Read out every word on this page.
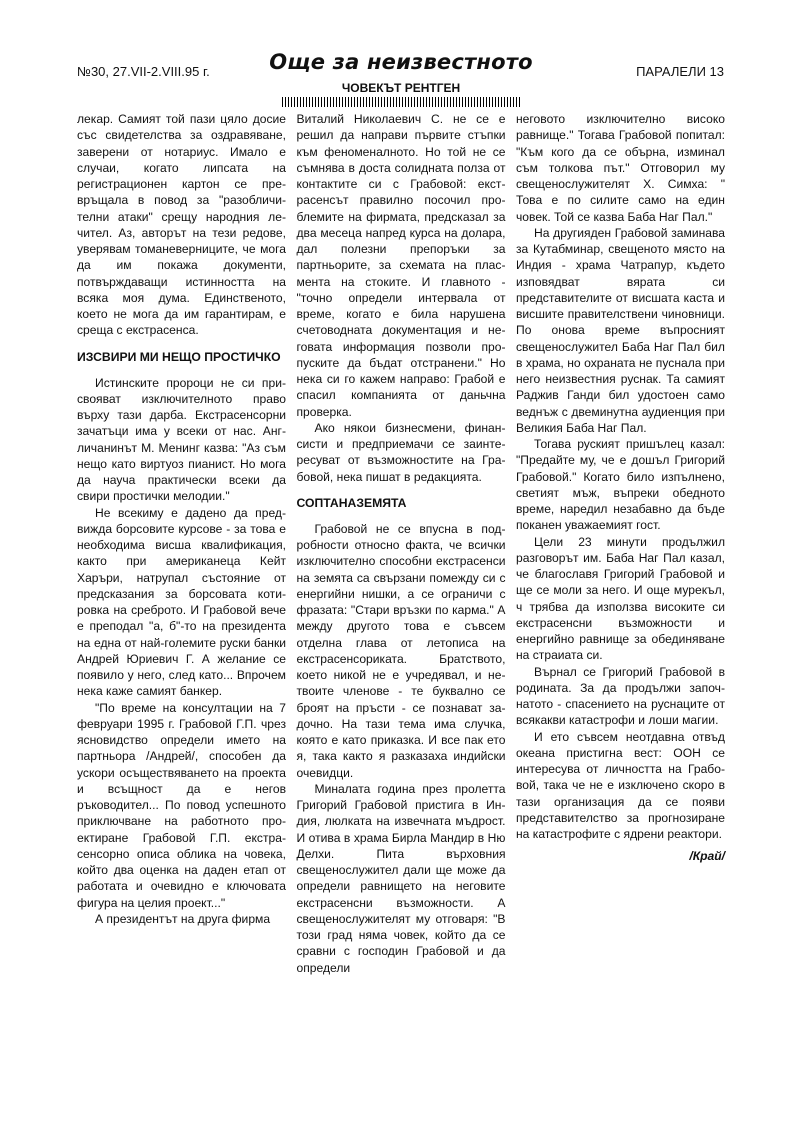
№30, 27.VII-2.VIII.95 г.	Още за неизвестното	ПАРАЛЕЛИ 13
ЧОВЕКЪТ РЕНТГЕН

лекар. Самият той пази цяло досие със свидетелства за оздравяване, заверени от нотариус. Имало е случаи, когато липсата на регистрационен картон се превръщала в повод за "разобличителни атаки" срещу народния лечител. Аз, авторът на тези редове, уверявам томаневерниците, че мога да им покажа документи, потвърждаващи истинността на всяка моя дума. Единственото, което не мога да им гарантирам, е среща с екстрасенса.

ИЗСВИРИ МИ НЕЩО ПРОСТИЧКО

Истинските пророци не си присвояват изключителното право върху тази дарба. Екстрасенсорни зачатъци има у всеки от нас. Англичанинът М. Менинг казва: "Аз съм нещо като виртуоз пианист. Но мога да науча практически всеки да свири простички мелодии."

Не всекиму е дадено да предвижда борсовите курсове - за това е необходима висша квалификация, както при американеца Кейт Харъри, натрупал състояние от предсказания за борсовата котировка на среброто. И Грабовой вече е преподал "а, б"-то на президента на една от най-големите руски банки Андрей Юриевич Г. А желание се появило у него, след като... Впрочем нека каже самият банкер.

"По време на консултации на 7 февруари 1995 г. Грабовой Г.П. чрез ясновидство определи името на партньора /Андрей/, способен да ускори осъществяването на проекта и всъщност да е негов ръководител... По повод успешното приключване на работното проектиране Грабовой Г.П. екстрасенсорно описа облика на човека, който два оценка на даден етап от работата и очевидно е ключовата фигура на целия проект..."

А президентът на друга фирма

Виталий Николаевич С. не се е решил да направи първите стъпки към феноменалното. Но той не се съмнява в доста солидната полза от контактите си с Грабовой: екстрасенсът правилно посочил проблемите на фирмата, предсказал за два месеца напред курса на долара, дал полезни препоръки за партньорите, за схемата на пласмента на стоките. И главното - "точно определи интервала от време, когато е била нарушена счетоводната документация и неговата информация позволи пропуските да бъдат отстранени." Но нека си го кажем направо: Грабой е спасил компанията от даньчна проверка.

Ако някои бизнесмени, финансисти и предприемачи се заинтересуват от възможностите на Грабовой, нека пишат в редакцията.

СОПТАНАЗЕМЯТА

Грабовой не се впусна в подробности относно факта, че всички изключително способни екстрасенси на земята са свързани помежду си с енергийни нишки, а се ограничи с фразата: "Стари връзки по карма." А между другото това е съвсем отделна глава от летописа на екстрасенсориката. Братството, което никой не е учредявал, и нетвоите членове - те буквално се броят на пръсти - се познават задочно. На тази тема има случка, която е като приказка. И все пак ето я, така както я разказаха индийски очевидци.

Миналата година през пролетта Григорий Грабовой пристига в Индия, люлката на извечната мъдрост. И отива в храма Бирла Мандир в Ню Делхи. Пита върховния свещенослужител дали ще може да определи равнището на неговите екстрасенсни възможности. А свещенослужителят му отговаря: "В този град няма човек, който да се сравни с господин Грабовой и да определи

неговото изключително високо равнище." Тогава Грабовой попитал: "Към кого да се обърна, изминал съм толкова път." Отговорил му свещенослужителят Х. Симха: " Това е по силите само на един човек. Той се казва Баба Наг Пал."

На другияден Грабовой заминава за Кутабминар, свещеното място на Индия - храма Чатрапур, където изповядват вярата си представителите от висшата каста и висшите правителствени чиновници. По онова време въпросният свещенослужител Баба Наг Пал бил в храма, но охраната не пуснала при него неизвестния руснак. Та самият Раджив Ганди бил удостоен само веднъж с двеминутна аудиенция при Великия Баба Наг Пал.

Тогава руският пришълец казал: "Предайте му, че е дошъл Григорий Грабовой." Когато било изпълнено, светият мъж, въпреки обедното време, наредил незабавно да бъде поканен уважаемият гост.

Цели 23 минути продължил разговорът им. Баба Наг Пал казал, че благославя Григорий Грабовой и ще се моли за него. И още мурекъл, ч трябва да използва високите си екстрасенсни възможности и енергийно равнище за обединяване на страиата си.

Върнал се Григорий Грабовой в родината. За да продължи започнатото - спасението на руснаците от всякакви катастрофи и лоши магии.

И ето съвсем неотдавна отвъд океана пристигна вест: ООН се интересува от личността на Грабовой, така че не е изключено скоро в тази организация да се появи представителство за прогнозиране на катастрофите с ядрени реактори.

/Край/
